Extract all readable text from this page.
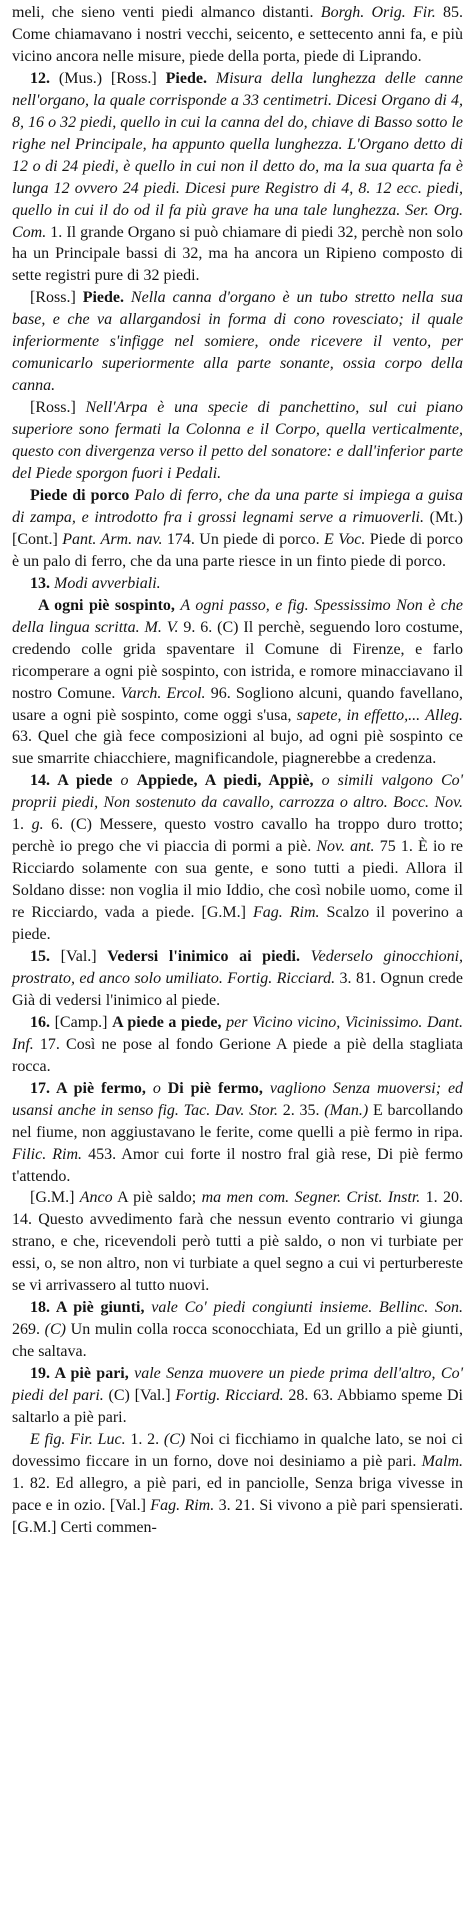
meli, che sieno venti piedi almanco distanti. Borgh. Orig. Fir. 85. Come chiamavano i nostri vecchi, seicento, e settecento anni fa, e più vicino ancora nelle misure, piede della porta, piede di Liprando.

12. (Mus.) [Ross.] Piede. Misura della lunghezza delle canne nell'organo, la quale corrisponde a 33 centimetri. Dicesi Organo di 4, 8, 16 o 32 piedi, quello in cui la canna del do, chiave di Basso sotto le righe nel Principale, ha appunto quella lunghezza. L'Organo detto di 12 o di 24 piedi, è quello in cui non il detto do, ma la sua quarta fa è lunga 12 ovvero 24 piedi. Dicesi pure Registro di 4, 8. 12 ecc. piedi, quello in cui il do od il fa più grave ha una tale lunghezza. Ser. Org. Com. 1. Il grande Organo si può chiamare di piedi 32, perchè non solo ha un Principale bassi di 32, ma ha ancora un Ripieno composto di sette registri pure di 32 piedi.

[Ross.] Piede. Nella canna d'organo è un tubo stretto nella sua base, e che va allargandosi in forma di cono rovesciato; il quale inferiormente s'infigge nel somiere, onde ricevere il vento, per comunicarlo superiormente alla parte sonante, ossia corpo della canna.

[Ross.] Nell'Arpa è una specie di panchettino, sul cui piano superiore sono fermati la Colonna e il Corpo, quella verticalmente, questo con divergenza verso il petto del sonatore: e dall'inferior parte del Piede sporgon fuori i Pedali.

Piede di porco Palo di ferro, che da una parte si impiega a guisa di zampa, e introdotto fra i grossi legnami serve a rimuoverli. (Mt.) [Cont.] Pant. Arm. nav. 174. Un piede di porco. E Voc. Piede di porco è un palo di ferro, che da una parte riesce in un finto piede di porco.

13. Modi avverbiali.

A ogni piè sospinto, A ogni passo, e fig. Spessissimo Non è che della lingua scritta. M. V. 9. 6. (C) Il perchè, seguendo loro costume, credendo colle grida spaventare il Comune di Firenze, e farlo ricomperare a ogni piè sospinto, con istrida, e romore minacciavano il nostro Comune. Varch. Ercol. 96. Sogliono alcuni, quando favellano, usare a ogni piè sospinto, come oggi s'usa, sapete, in effetto,... Alleg. 63. Quel che già fece composizioni al bujo, ad ogni piè sospinto ce sue smarrite chiacchiere, magnificandole, piagnerebbe a credenza.

14. A piede o Appiede, A piedi, Appiè, o simili valgono Co' proprii piedi, Non sostenuto da cavallo, carrozza o altro. Bocc. Nov. 1. g. 6. (C) Messere, questo vostro cavallo ha troppo duro trotto; perchè io prego che vi piaccia di pormi a piè. Nov. ant. 75 1. È io re Ricciardo solamente con sua gente, e sono tutti a piedi. Allora il Soldano disse: non voglia il mio Iddio, che così nobile uomo, come il re Ricciardo, vada a piede. [G.M.] Fag. Rim. Scalzo il poverino a piede.

15. [Val.] Vedersi l'inimico ai piedi. Vederselo ginocchioni, prostrato, ed anco solo umiliato. Fortig. Ricciard. 3. 81. Ognun crede Già di vedersi l'inimico al piede.

16. [Camp.] A piede a piede, per Vicino vicino, Vicinissimo. Dant. Inf. 17. Così ne pose al fondo Gerione A piede a piè della stagliata rocca.

17. A piè fermo, o Di piè fermo, vagliono Senza muoversi; ed usansi anche in senso fig. Tac. Dav. Stor. 2. 35. (Man.) E barcollando nel fiume, non aggiustavano le ferite, come quelli a piè fermo in ripa. Filic. Rim. 453. Amor cui forte il nostro fral già rese, Di piè fermo t'attendo.

[G.M.] Anco A piè saldo; ma men com. Segner. Crist. Instr. 1. 20. 14. Questo avvedimento farà che nessun evento contrario vi giunga strano, e che, ricevendoli però tutti a piè saldo, o non vi turbiate per essi, o, se non altro, non vi turbiate a quel segno a cui vi perturbereste se vi arrivassero al tutto nuovi.

18. A piè giunti, vale Co' piedi congiunti insieme. Bellinc. Son. 269. (C) Un mulin colla rocca sconocchiata, Ed un grillo a piè giunti, che saltava.

19. A piè pari, vale Senza muovere un piede prima dell'altro, Co' piedi del pari. (C) [Val.] Fortig. Ricciard. 28. 63. Abbiamo speme Di saltarlo a piè pari.

E fig. Fir. Luc. 1. 2. (C) Noi ci ficchiamo in qualche lato, se noi ci dovessimo ficcare in un forno, dove noi desiniamo a piè pari. Malm. 1. 82. Ed allegro, a piè pari, ed in panciolle, Senza briga vivesse in pace e in ozio. [Val.] Fag. Rim. 3. 21. Si vivono a piè pari spensierati. [G.M.] Certi commen-
